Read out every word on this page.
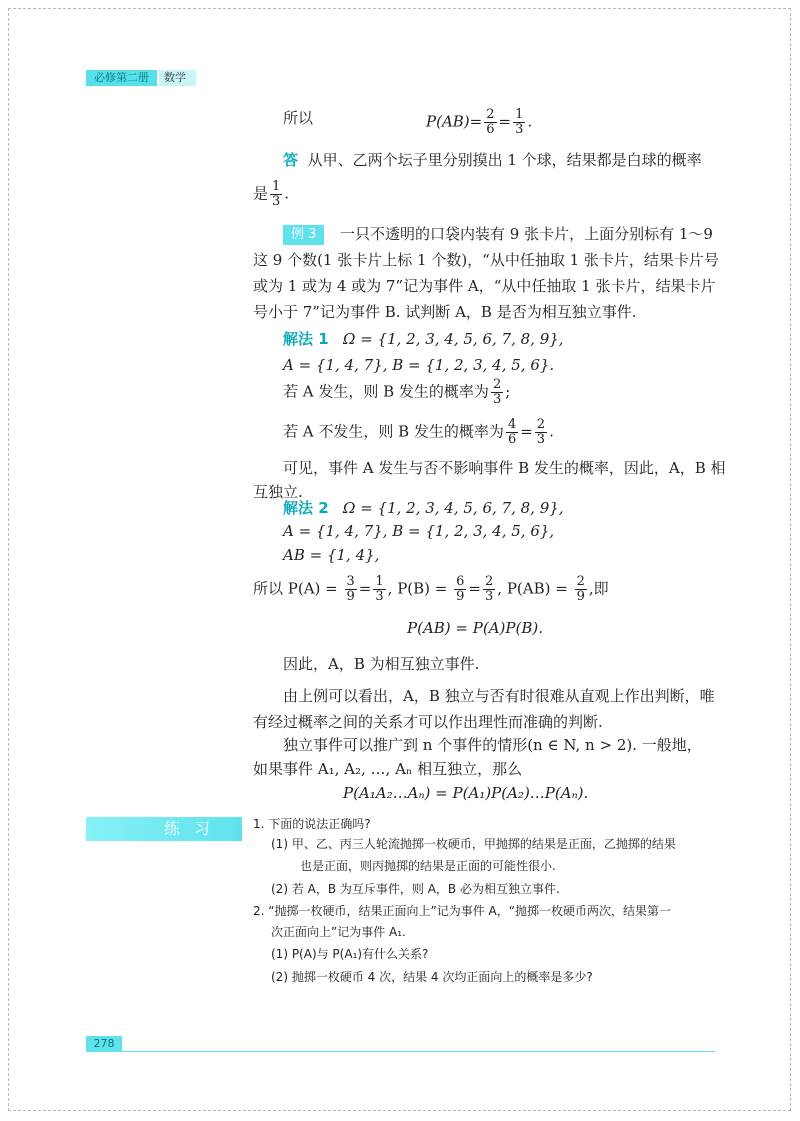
必修第二册	数学
所以	$P(AB)= \frac{2}{6} = \frac{1}{3}$ .
答 从甲、乙两个坛子里分别摸出 1 个球，结果都是白球的概率
是 $\frac{1}{3}$ .
例 3	一只不透明的口袋内装有 9 张卡片，上面分别标有 1～9
这 9 个数(1 张卡片上标 1 个数)，“从中任抽取 1 张卡片，结果卡片号
或为 1 或为 4 或为 7”记为事件 A，“从中任抽取 1 张卡片，结果卡片
号小于 7”记为事件 B. 试判断 A，B 是否为相互独立事件.
解法 1 Ω = {1, 2, 3, 4, 5, 6, 7, 8, 9},
A = {1, 4, 7}, B = {1, 2, 3, 4, 5, 6}.
若 A 发生，则 B 发生的概率为 $\frac{2}{3}$ ;
若 A 不发生，则 B 发生的概率为 $\frac{4}{6} = \frac{2}{3}$ .
可见，事件 A 发生与否不影响事件 B 发生的概率，因此，A，B 相
互独立.
解法 2 Ω = {1, 2, 3, 4, 5, 6, 7, 8, 9},
A = {1, 4, 7}, B = {1, 2, 3, 4, 5, 6},
AB = {1, 4},
所以 $P(A) = \frac{3}{9} = \frac{1}{3}$ , $P(B) = \frac{6}{9} = \frac{2}{3}$ , $P(AB) = \frac{2}{9}$ ,即
P(AB) = P(A)P(B).
因此，A，B 为相互独立事件.
由上例可以看出，A，B 独立与否有时很难从直观上作出判断，唯
有经过概率之间的关系才可以作出理性而准确的判断.
独立事件可以推广到 n 个事件的情形(n ∈ N, n > 2). 一般地，
如果事件 A₁, A₂, …, Aₙ 相互独立，那么
P(A₁A₂…Aₙ) = P(A₁)P(A₂)…P(Aₙ).
练习 1. 下面的说法正确吗?
(1) 甲、乙、丙三人轮流抛掷一枚硬币，甲抛掷的结果是正面，乙抛掷的结果
也是正面，则丙抛掷的结果是正面的可能性很小.
(2) 若 A，B 为互斥事件，则 A，B 必为相互独立事件.
2. “抛掷一枚硬币，结果正面向上”记为事件 A，“抛掷一枚硬币两次，结果第一
次正面向上”记为事件 A₁.
(1) P(A)与 P(A₁)有什么关系?
(2) 抛掷一枚硬币 4 次，结果 4 次均正面向上的概率是多少?
278
